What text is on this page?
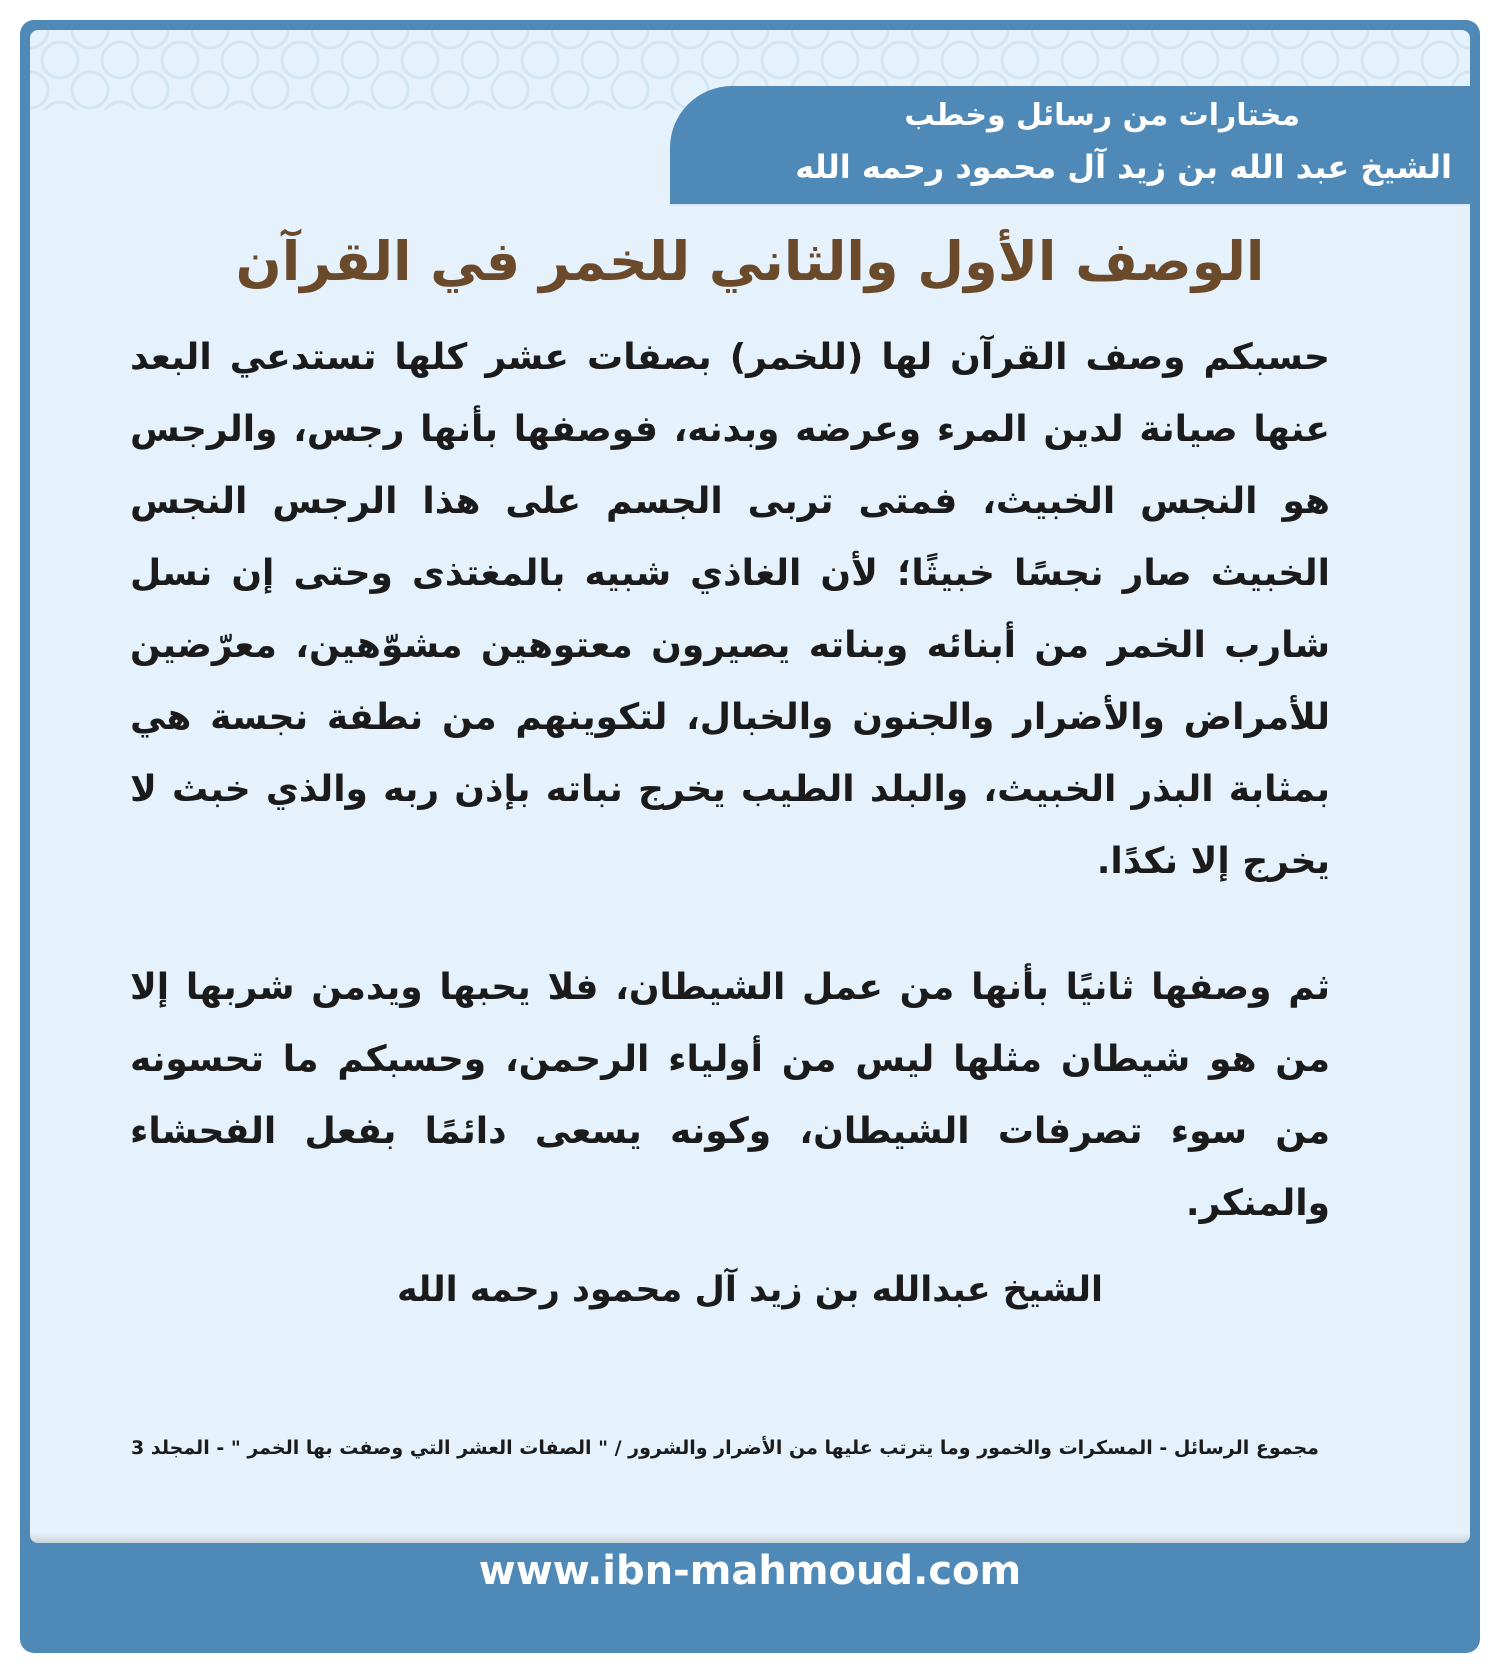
مختارات من رسائل وخطب
الشيخ عبد الله بن زيد آل محمود رحمه الله
الوصف الأول والثاني للخمر في القرآن

حسبكم وصف القرآن لها (للخمر) بصفات عشر كلها تستدعي البعد عنها صيانة لدين المرء وعرضه وبدنه، فوصفها بأنها رجس، والرجس هو النجس الخبيث، فمتى تربى الجسم على هذا الرجس النجس الخبيث صار نجسًا خبيثًا؛ لأن الغاذي شبيه بالمغتذى وحتى إن نسل شارب الخمر من أبنائه وبناته يصيرون معتوهين مشوّهين، معرّضين للأمراض والأضرار والجنون والخبال، لتكوينهم من نطفة نجسة هي بمثابة البذر الخبيث، والبلد الطيب يخرج نباته بإذن ربه والذي خبث لا يخرج إلا نكدًا.

ثم وصفها ثانيًا بأنها من عمل الشيطان، فلا يحبها ويدمن شربها إلا من هو شيطان مثلها ليس من أولياء الرحمن، وحسبكم ما تحسونه من سوء تصرفات الشيطان، وكونه يسعى دائمًا بفعل الفحشاء والمنكر.

الشيخ عبدالله بن زيد آل محمود رحمه الله
مجموع الرسائل - المسكرات والخمور وما يترتب عليها من الأضرار والشرور / " الصفات العشر التي وصفت بها الخمر " - المجلد 3
www.ibn-mahmoud.com
